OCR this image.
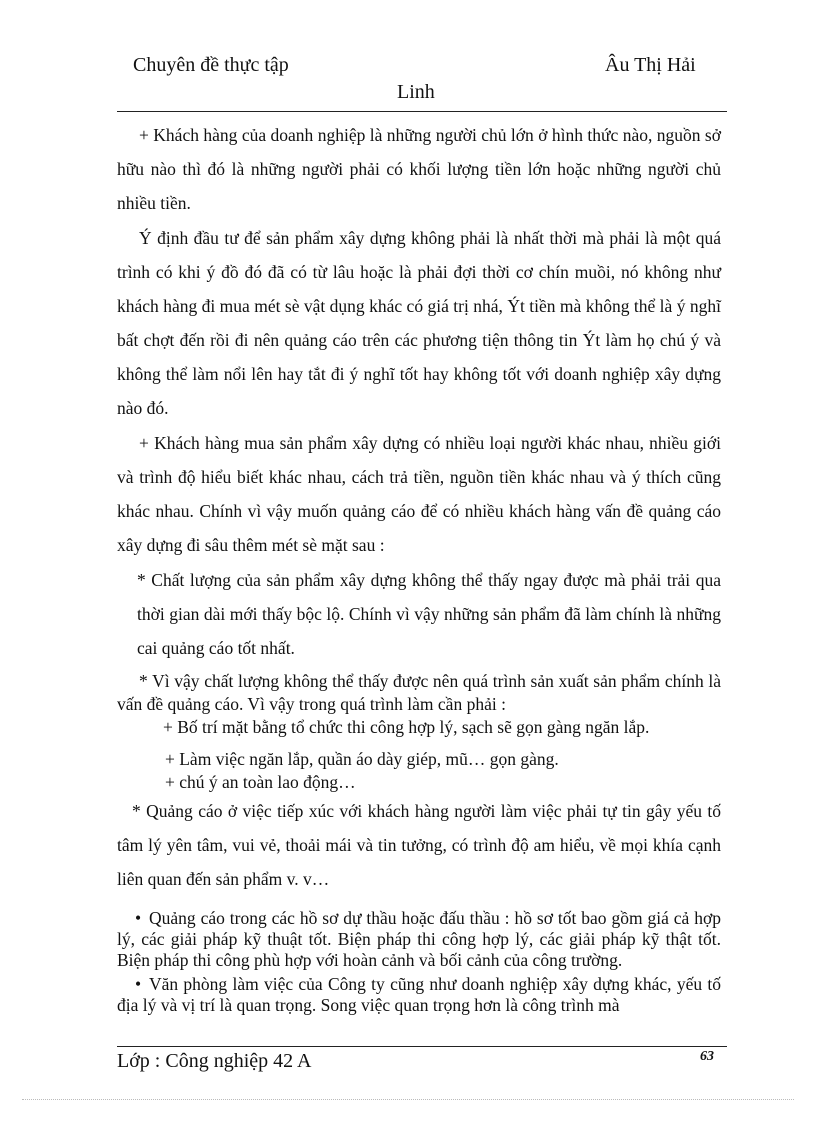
Chuyên đề thực tập	Âu Thị Hải
Linh

+ Khách hàng của doanh nghiệp là những người chủ lớn ở hình thức nào, nguồn sở hữu nào thì đó là những người phải có khối lượng tiền lớn hoặc những người chủ nhiều tiền.

Ý định đầu tư để sản phẩm xây dựng không phải là nhất thời mà phải là một quá trình có khi ý đồ đó đã có từ lâu hoặc là phải đợi thời cơ chín muồi, nó không như khách hàng đi mua mét sè vật dụng khác có giá trị nhá, Ýt tiền mà không thể là ý nghĩ bất chợt đến rồi đi nên quảng cáo trên các phương tiện thông tin Ýt làm họ chú ý và không thể làm nổi lên hay tắt đi ý nghĩ tốt hay không tốt với doanh nghiệp xây dựng nào đó.

+ Khách hàng mua sản phẩm xây dựng có nhiều loại người khác nhau, nhiều giới và trình độ hiểu biết khác nhau, cách trả tiền, nguồn tiền khác nhau và ý thích cũng khác nhau. Chính vì vậy muốn quảng cáo để có nhiều khách hàng vấn đề quảng cáo xây dựng đi sâu thêm mét sè mặt sau :

* Chất lượng của sản phẩm xây dựng không thể thấy ngay được mà phải trải qua thời gian dài mới thấy bộc lộ. Chính vì vậy những sản phẩm đã làm chính là những cai quảng cáo tốt nhất.

* Vì vậy chất lượng không thể thấy được nên quá trình sản xuất sản phẩm chính là vấn đề quảng cáo. Vì vậy trong quá trình làm cần phải :

+ Bố trí mặt bằng tổ chức thi công hợp lý, sạch sẽ gọn gàng ngăn lắp.

+ Làm việc ngăn lắp, quần áo dày giép, mũ… gọn gàng.

+ chú ý an toàn lao động…

* Quảng cáo ở việc tiếp xúc với khách hàng người làm việc phải tự tin gây yếu tố tâm lý yên tâm, vui vẻ, thoải mái và tin tưởng, có trình độ am hiểu, về mọi khía cạnh liên quan đến sản phẩm v. v…

• Quảng cáo trong các hồ sơ dự thầu hoặc đấu thầu : hồ sơ tốt bao gồm giá cả hợp lý, các giải pháp kỹ thuật tốt. Biện pháp thi công hợp lý, các giải pháp kỹ thật tốt. Biện pháp thi công phù hợp với hoàn cảnh và bối cảnh của công trường.

• Văn phòng làm việc của Công ty cũng như doanh nghiệp xây dựng khác, yếu tố địa lý và vị trí là quan trọng. Song việc quan trọng hơn là công trình mà

Lớp : Công nghiệp 42 A	63
